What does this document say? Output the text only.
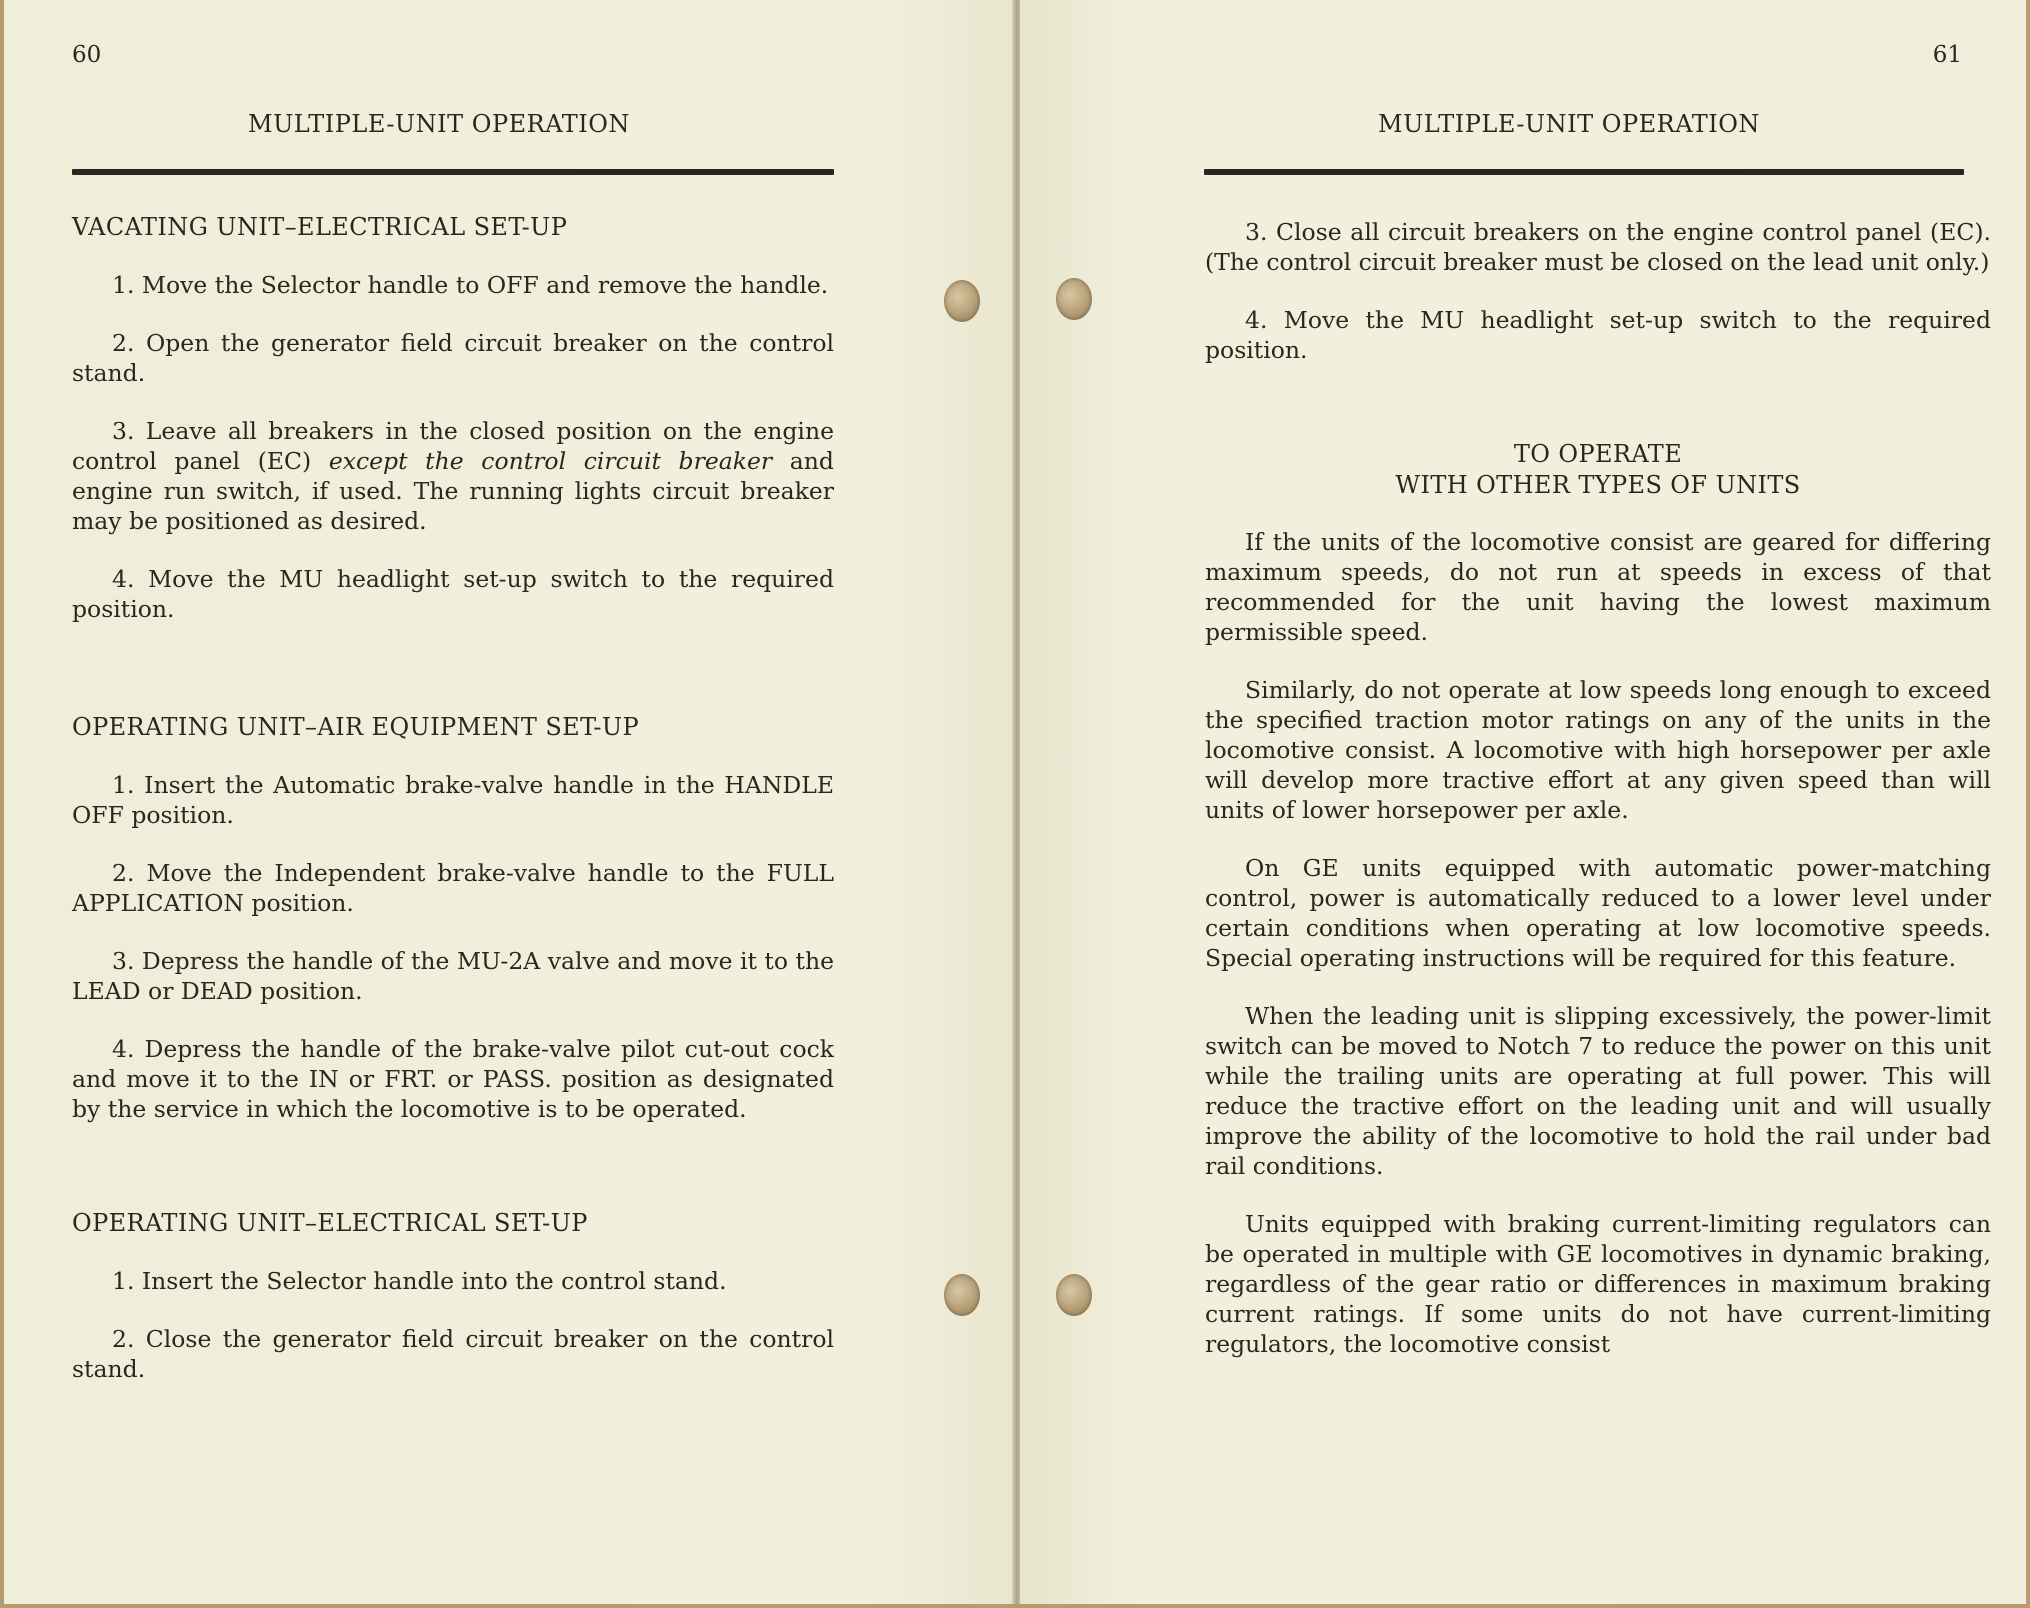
60
MULTIPLE-UNIT OPERATION

VACATING UNIT–ELECTRICAL SET-UP

1. Move the Selector handle to OFF and remove the handle.

2. Open the generator field circuit breaker on the control stand.

3. Leave all breakers in the closed position on the engine control panel (EC) except the control circuit breaker and engine run switch, if used. The running lights circuit breaker may be positioned as desired.

4. Move the MU headlight set-up switch to the required position.

OPERATING UNIT–AIR EQUIPMENT SET-UP

1. Insert the Automatic brake-valve handle in the HANDLE OFF position.

2. Move the Independent brake-valve handle to the FULL APPLICATION position.

3. Depress the handle of the MU-2A valve and move it to the LEAD or DEAD position.

4. Depress the handle of the brake-valve pilot cut-out cock and move it to the IN or FRT. or PASS. position as designated by the service in which the locomotive is to be operated.

OPERATING UNIT–ELECTRICAL SET-UP

1. Insert the Selector handle into the control stand.

2. Close the generator field circuit breaker on the control stand.

61
MULTIPLE-UNIT OPERATION

3. Close all circuit breakers on the engine control panel (EC). (The control circuit breaker must be closed on the lead unit only.)

4. Move the MU headlight set-up switch to the required position.

TO OPERATE

WITH OTHER TYPES OF UNITS

If the units of the locomotive consist are geared for differing maximum speeds, do not run at speeds in excess of that recommended for the unit having the lowest maximum permissible speed.

Similarly, do not operate at low speeds long enough to exceed the specified traction motor ratings on any of the units in the locomotive consist. A locomotive with high horsepower per axle will develop more tractive effort at any given speed than will units of lower horsepower per axle.

On GE units equipped with automatic power-matching control, power is automatically reduced to a lower level under certain conditions when operating at low locomotive speeds. Special operating instructions will be required for this feature.

When the leading unit is slipping excessively, the power-limit switch can be moved to Notch 7 to reduce the power on this unit while the trailing units are operating at full power. This will reduce the tractive effort on the leading unit and will usually improve the ability of the locomotive to hold the rail under bad rail conditions.

Units equipped with braking current-limiting regulators can be operated in multiple with GE locomotives in dynamic braking, regardless of the gear ratio or differences in maximum braking current ratings. If some units do not have current-limiting regulators, the locomotive consist
